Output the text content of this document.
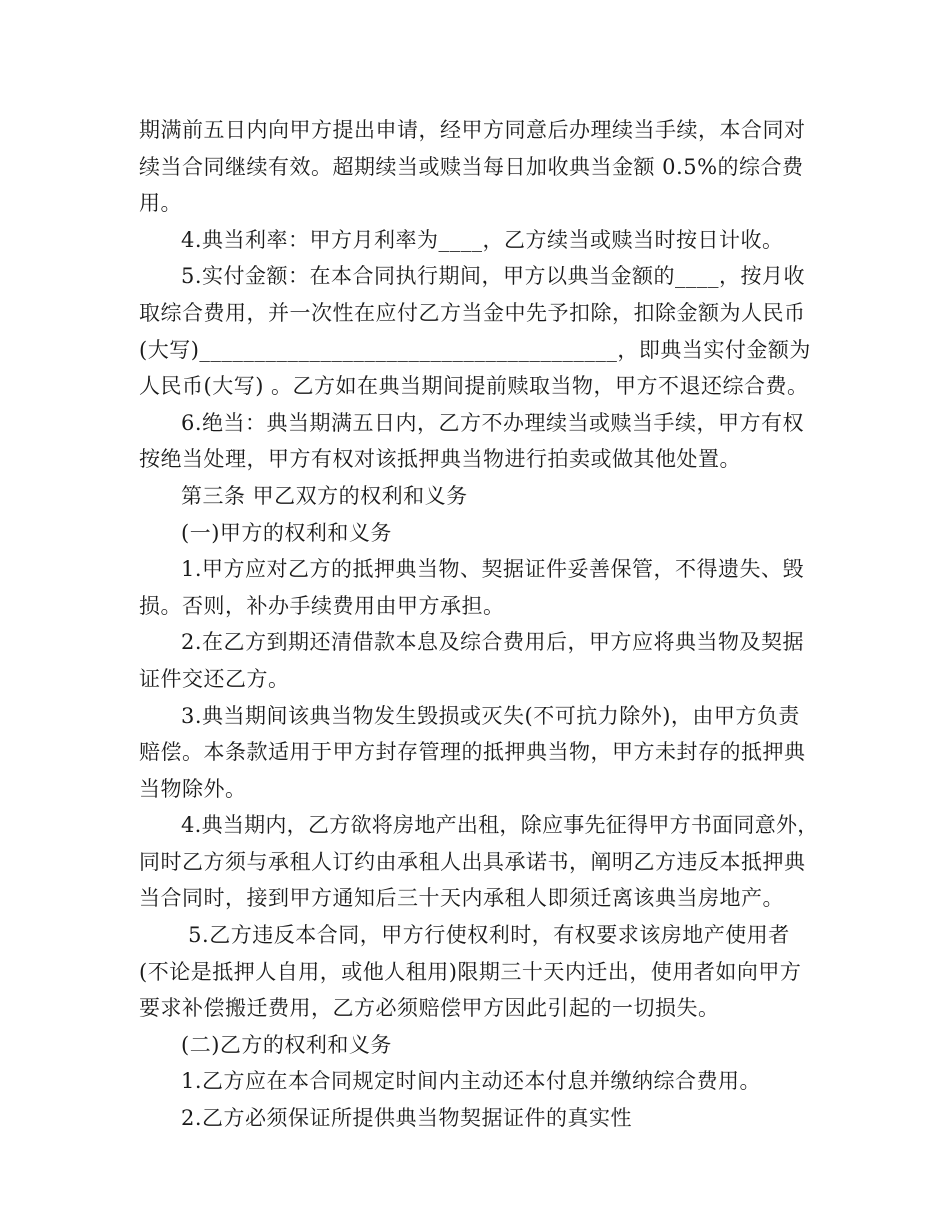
期满前五日内向甲方提出申请，经甲方同意后办理续当手续，本合同对
续当合同继续有效。超期续当或赎当每日加收典当金额 0.5%的综合费
用。
4.典当利率：甲方月利率为____，乙方续当或赎当时按日计收。
5.实付金额：在本合同执行期间，甲方以典当金额的____，按月收
取综合费用，并一次性在应付乙方当金中先予扣除，扣除金额为人民币
(大写)______________________________________，即典当实付金额为
人民币(大写) 。乙方如在典当期间提前赎取当物，甲方不退还综合费。
6.绝当：典当期满五日内，乙方不办理续当或赎当手续，甲方有权
按绝当处理，甲方有权对该抵押典当物进行拍卖或做其他处置。
第三条 甲乙双方的权利和义务
(一)甲方的权利和义务
1.甲方应对乙方的抵押典当物、契据证件妥善保管，不得遗失、毁
损。否则，补办手续费用由甲方承担。
2.在乙方到期还清借款本息及综合费用后，甲方应将典当物及契据
证件交还乙方。
3.典当期间该典当物发生毁损或灭失(不可抗力除外)，由甲方负责
赔偿。本条款适用于甲方封存管理的抵押典当物，甲方未封存的抵押典
当物除外。
4.典当期内，乙方欲将房地产出租，除应事先征得甲方书面同意外，
同时乙方须与承租人订约由承租人出具承诺书，阐明乙方违反本抵押典
当合同时，接到甲方通知后三十天内承租人即须迁离该典当房地产。
5.乙方违反本合同，甲方行使权利时，有权要求该房地产使用者
(不论是抵押人自用，或他人租用)限期三十天内迁出，使用者如向甲方
要求补偿搬迁费用，乙方必须赔偿甲方因此引起的一切损失。
(二)乙方的权利和义务
1.乙方应在本合同规定时间内主动还本付息并缴纳综合费用。
2.乙方必须保证所提供典当物契据证件的真实性
